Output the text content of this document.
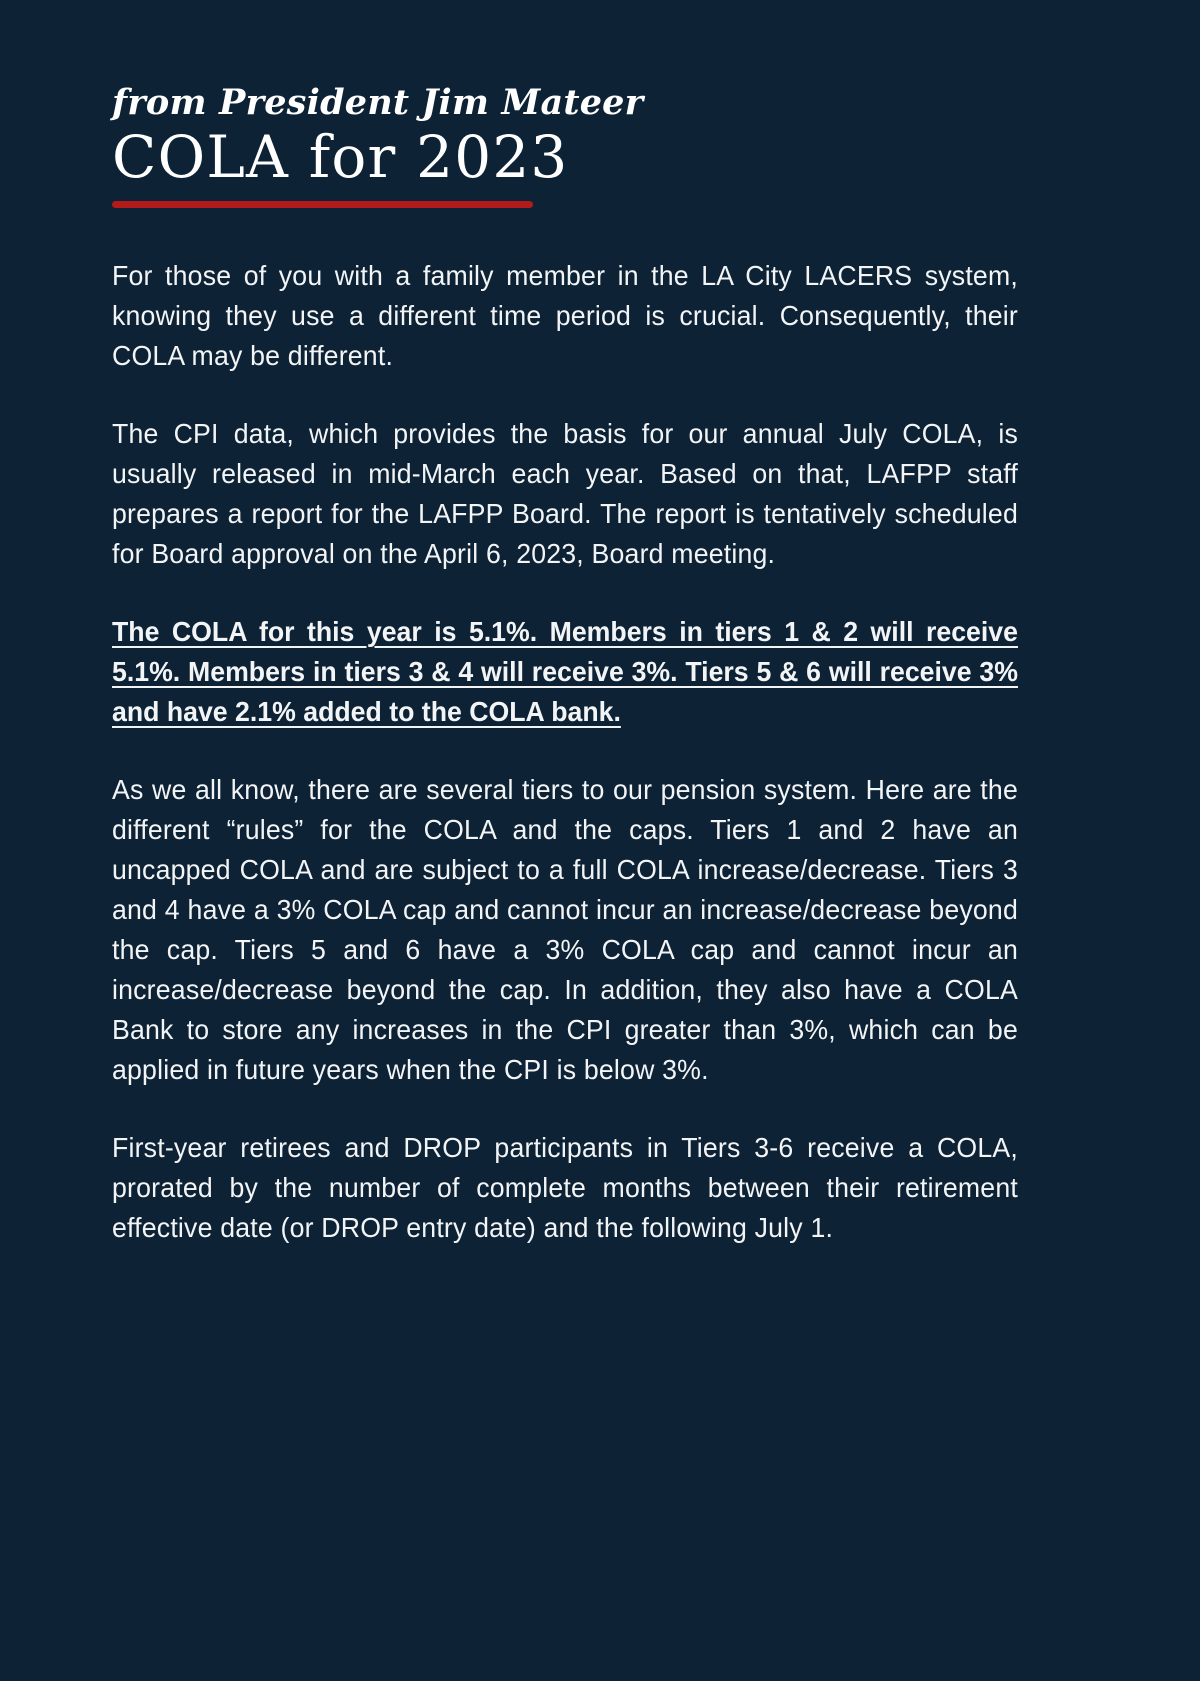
from President Jim Mateer
COLA for 2023

For those of you with a family member in the LA City LACERS system, knowing they use a different time period is crucial. Consequently, their COLA may be different.

The CPI data, which provides the basis for our annual July COLA, is usually released in mid-March each year. Based on that, LAFPP staff prepares a report for the LAFPP Board. The report is tentatively scheduled for Board approval on the April 6, 2023, Board meeting.

The COLA for this year is 5.1%. Members in tiers 1 & 2 will receive 5.1%. Members in tiers 3 & 4 will receive 3%. Tiers 5 & 6 will receive 3% and have 2.1% added to the COLA bank.

As we all know, there are several tiers to our pension system. Here are the different “rules” for the COLA and the caps. Tiers 1 and 2 have an uncapped COLA and are subject to a full COLA increase/decrease. Tiers 3 and 4 have a 3% COLA cap and cannot incur an increase/decrease beyond the cap. Tiers 5 and 6 have a 3% COLA cap and cannot incur an increase/decrease beyond the cap. In addition, they also have a COLA Bank to store any increases in the CPI greater than 3%, which can be applied in future years when the CPI is below 3%.

First-year retirees and DROP participants in Tiers 3-6 receive a COLA, prorated by the number of complete months between their retirement effective date (or DROP entry date) and the following July 1.
